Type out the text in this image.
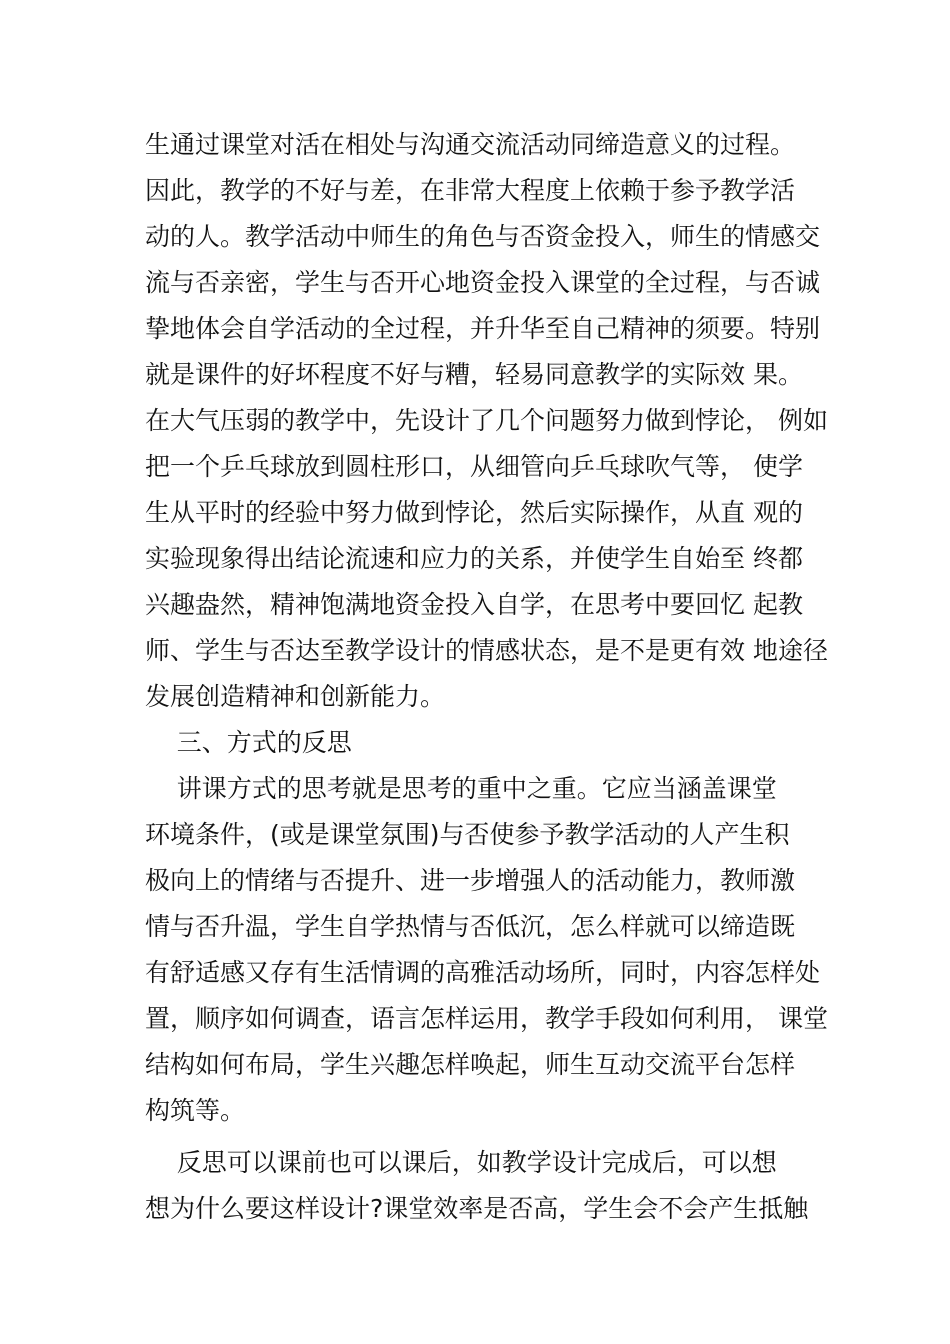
生通过课堂对活在相处与沟通交流活动同缔造意义的过程。
因此，教学的不好与差，在非常大程度上依赖于参予教学活
动的人。教学活动中师生的角色与否资金投入，师生的情感交
流与否亲密，学生与否开心地资金投入课堂的全过程，与否诚
挚地体会自学活动的全过程，并升华至自己精神的须要。特别
就是课件的好坏程度不好与糟，轻易同意教学的实际效 果。
在大气压弱的教学中，先设计了几个问题努力做到悖论， 例如
把一个乒乓球放到圆柱形口，从细管向乒乓球吹气等， 使学
生从平时的经验中努力做到悖论，然后实际操作，从直 观的
实验现象得出结论流速和应力的关系，并使学生自始至 终都
兴趣盎然，精神饱满地资金投入自学，在思考中要回忆 起教
师、学生与否达至教学设计的情感状态，是不是更有效 地途径
发展创造精神和创新能力。
三、方式的反思
讲课方式的思考就是思考的重中之重。它应当涵盖课堂
环境条件，(或是课堂氛围)与否使参予教学活动的人产生积
极向上的情绪与否提升、进一步增强人的活动能力，教师激
情与否升温，学生自学热情与否低沉，怎么样就可以缔造既
有舒适感又存有生活情调的高雅活动场所，同时，内容怎样处
置，顺序如何调查，语言怎样运用，教学手段如何利用， 课堂
结构如何布局，学生兴趣怎样唤起，师生互动交流平台怎样
构筑等。
反思可以课前也可以课后，如教学设计完成后，可以想
想为什么要这样设计?课堂效率是否高，学生会不会产生抵触
